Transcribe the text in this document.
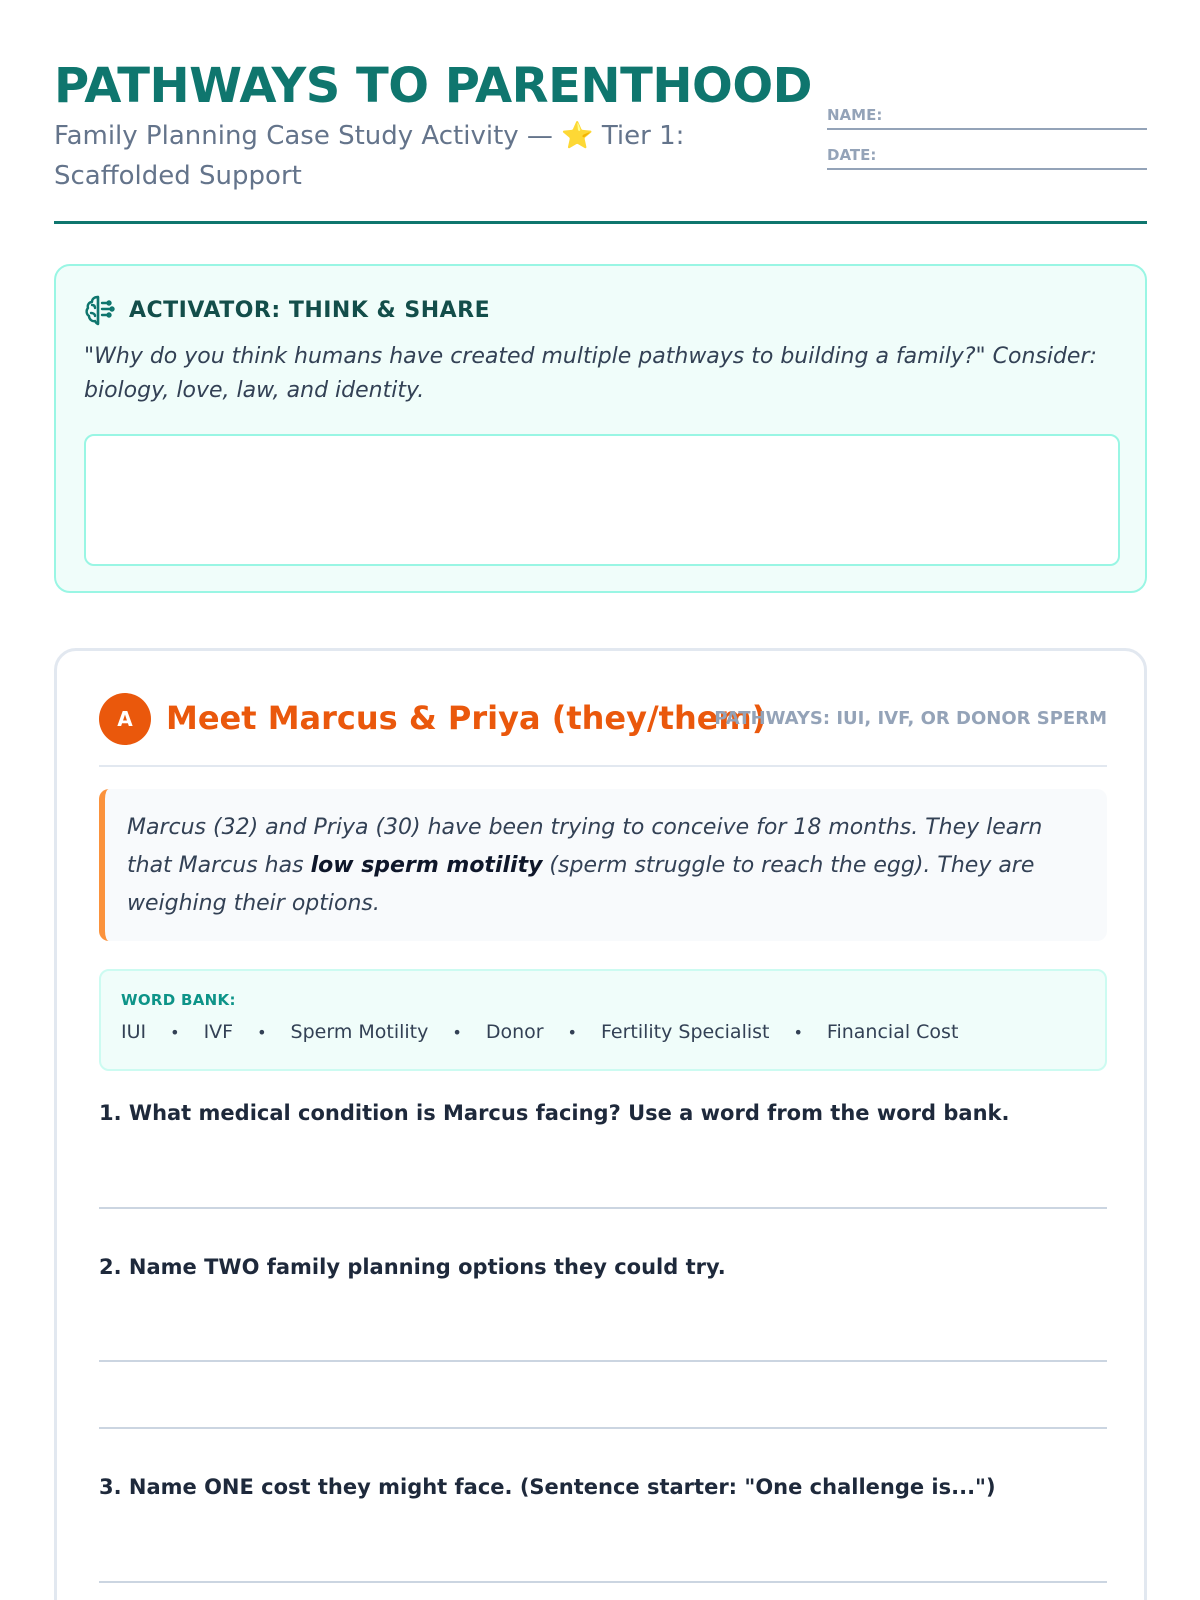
PATHWAYS TO PARENTHOOD
Family Planning Case Study Activity — ⭐ Tier 1: Scaffolded Support
NAME:
DATE:
ACTIVATOR: THINK & SHARE
"Why do you think humans have created multiple pathways to building a family?" Consider: biology, love, law, and identity.
A	Meet Marcus & Priya (they/them)
PATHWAYS: IUI, IVF, OR DONOR SPERM
Marcus (32) and Priya (30) have been trying to conceive for 18 months. They learn that Marcus has low sperm motility (sperm struggle to reach the egg). They are weighing their options.
WORD BANK:
IUI • IVF • Sperm Motility • Donor • Fertility Specialist • Financial Cost
1. What medical condition is Marcus facing? Use a word from the word bank.
2. Name TWO family planning options they could try.
3. Name ONE cost they might face. (Sentence starter: "One challenge is...")
